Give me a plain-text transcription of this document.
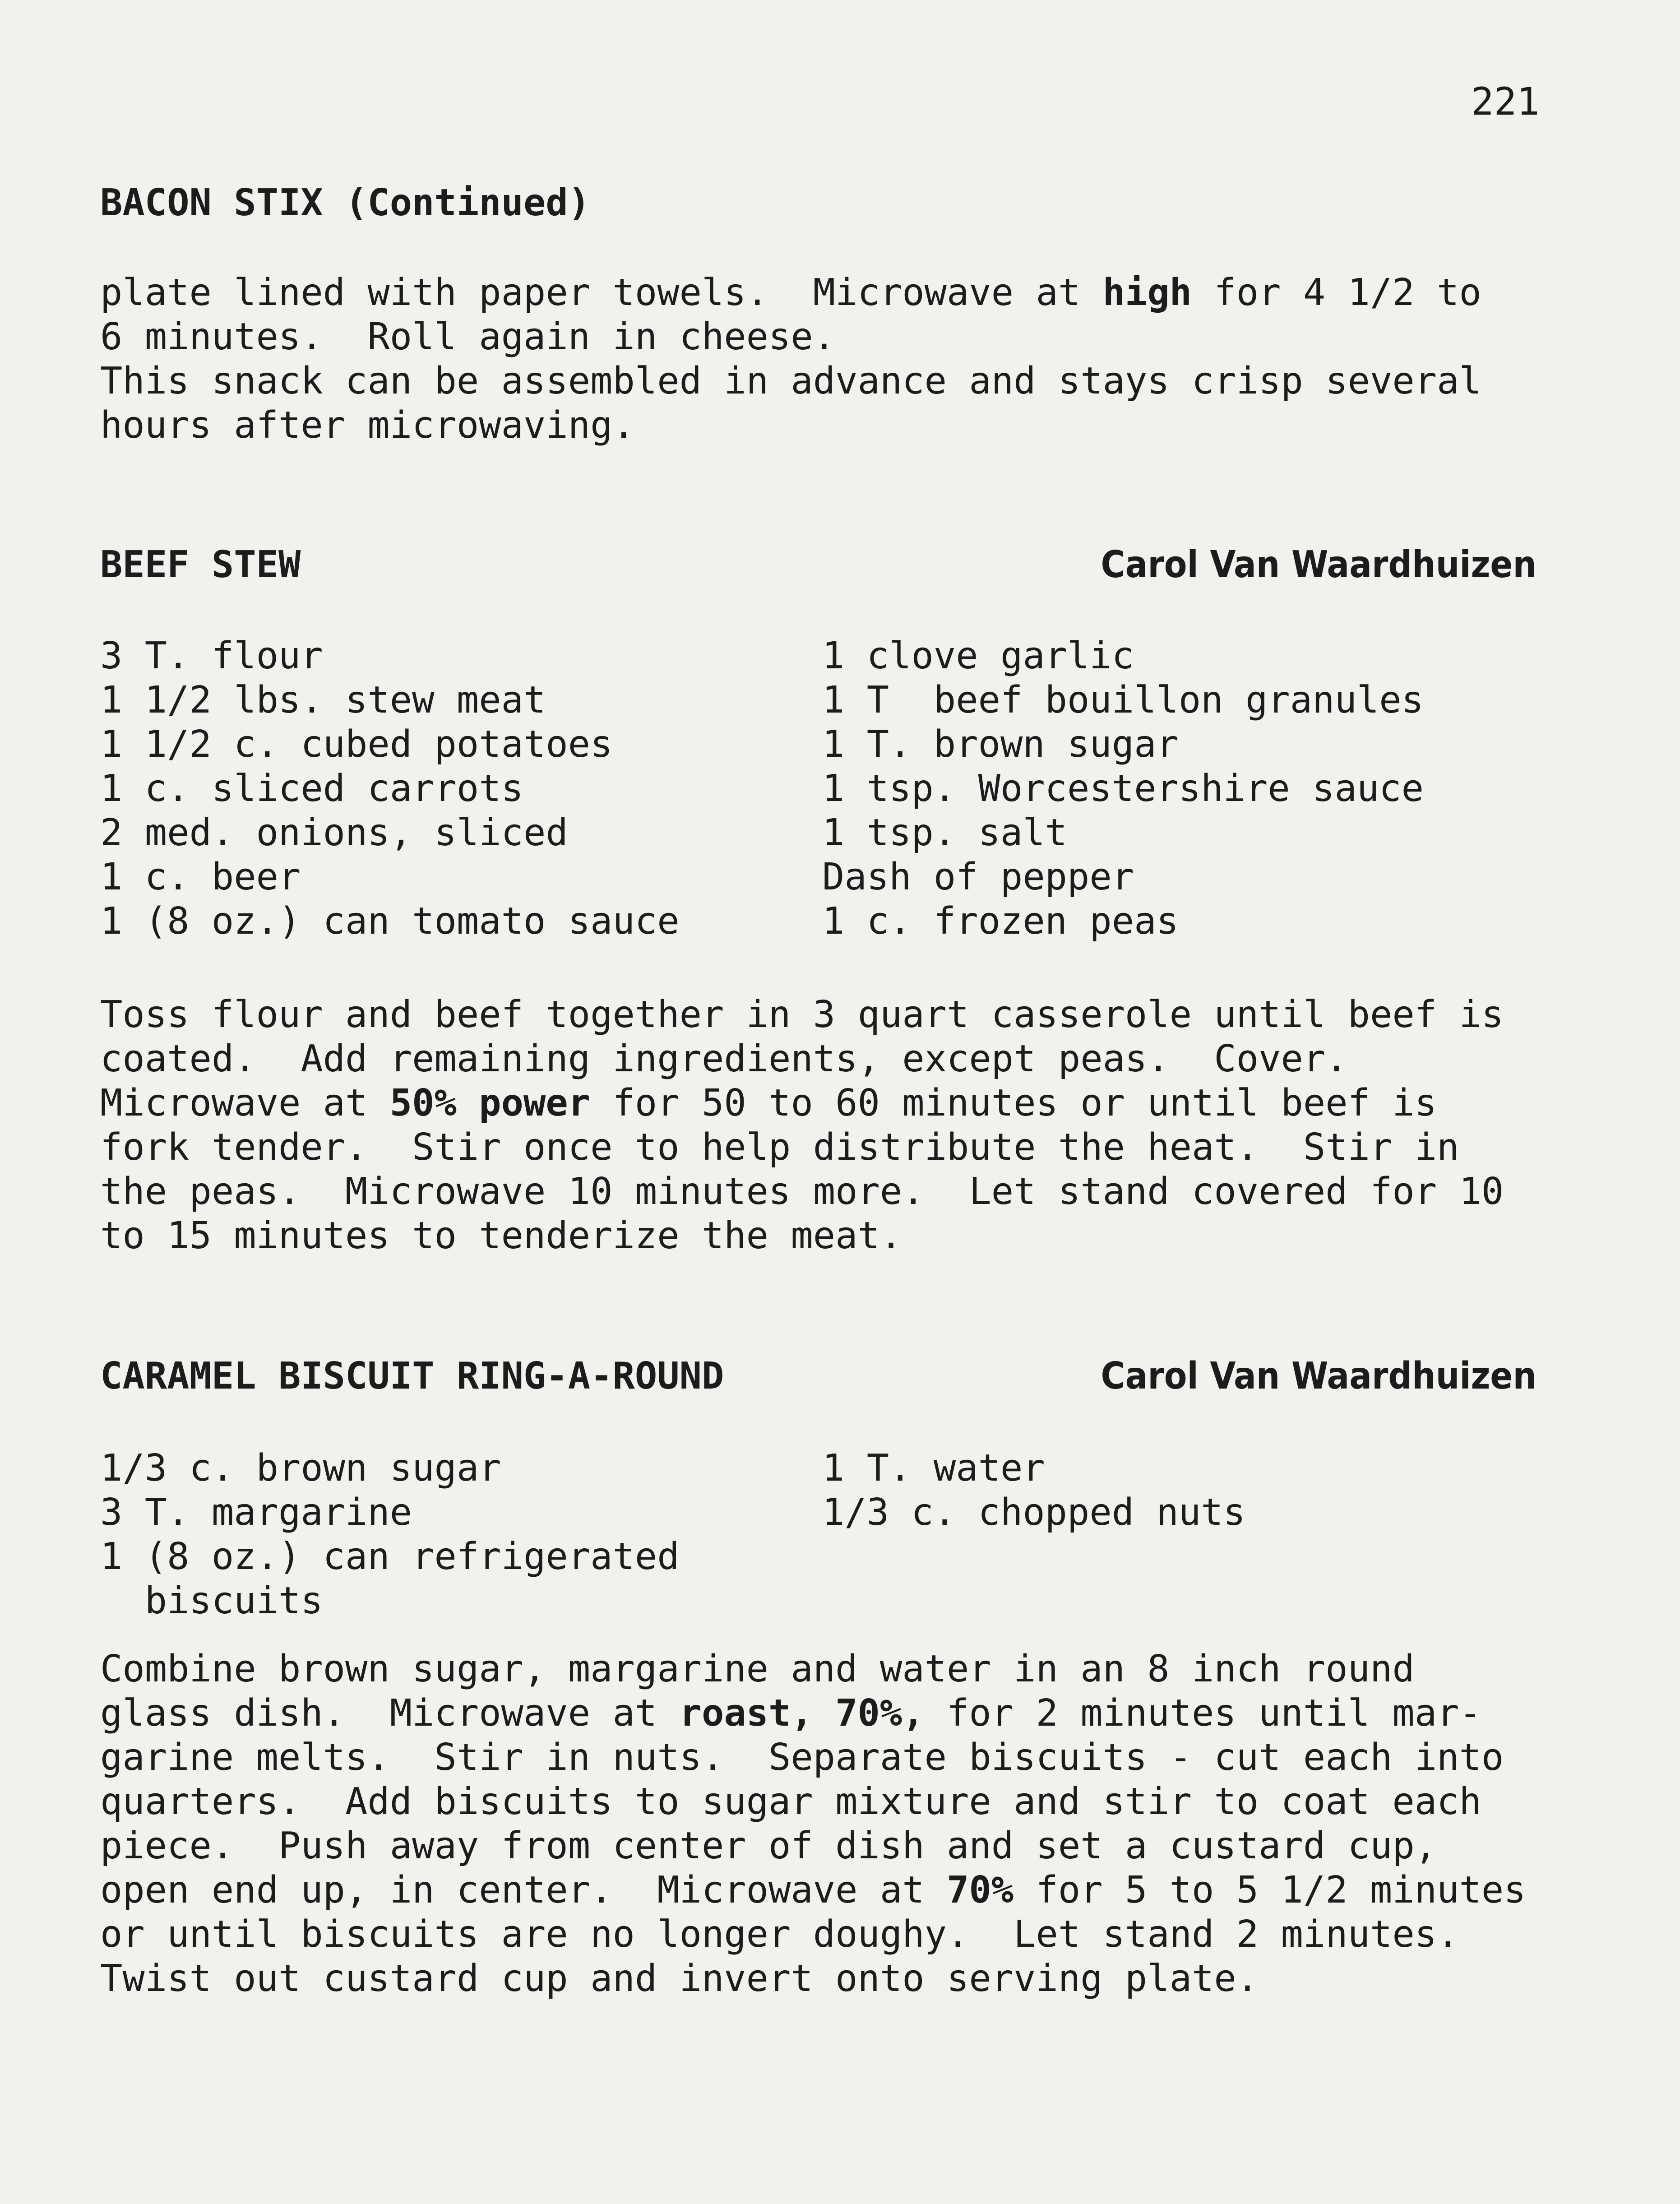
221
BACON STIX (Continued)
plate lined with paper towels.  Microwave at high for 4 1/2 to
6 minutes.  Roll again in cheese.
This snack can be assembled in advance and stays crisp several
hours after microwaving.
BEEF STEW	Carol Van Waardhuizen
3 T. flour
1 1/2 lbs. stew meat
1 1/2 c. cubed potatoes
1 c. sliced carrots
2 med. onions, sliced
1 c. beer
1 (8 oz.) can tomato sauce
1 clove garlic
1 T  beef bouillon granules
1 T. brown sugar
1 tsp. Worcestershire sauce
1 tsp. salt
Dash of pepper
1 c. frozen peas
Toss flour and beef together in 3 quart casserole until beef is
coated.  Add remaining ingredients, except peas.  Cover.
Microwave at 50% power for 50 to 60 minutes or until beef is
fork tender.  Stir once to help distribute the heat.  Stir in
the peas.  Microwave 10 minutes more.  Let stand covered for 10
to 15 minutes to tenderize the meat.
CARAMEL BISCUIT RING-A-ROUND	Carol Van Waardhuizen
1/3 c. brown sugar
3 T. margarine
1 (8 oz.) can refrigerated
biscuits
1 T. water
1/3 c. chopped nuts
Combine brown sugar, margarine and water in an 8 inch round
glass dish.  Microwave at roast, 70%, for 2 minutes until mar-
garine melts.  Stir in nuts.  Separate biscuits - cut each into
quarters.  Add biscuits to sugar mixture and stir to coat each
piece.  Push away from center of dish and set a custard cup,
open end up, in center.  Microwave at 70% for 5 to 5 1/2 minutes
or until biscuits are no longer doughy.  Let stand 2 minutes.
Twist out custard cup and invert onto serving plate.
